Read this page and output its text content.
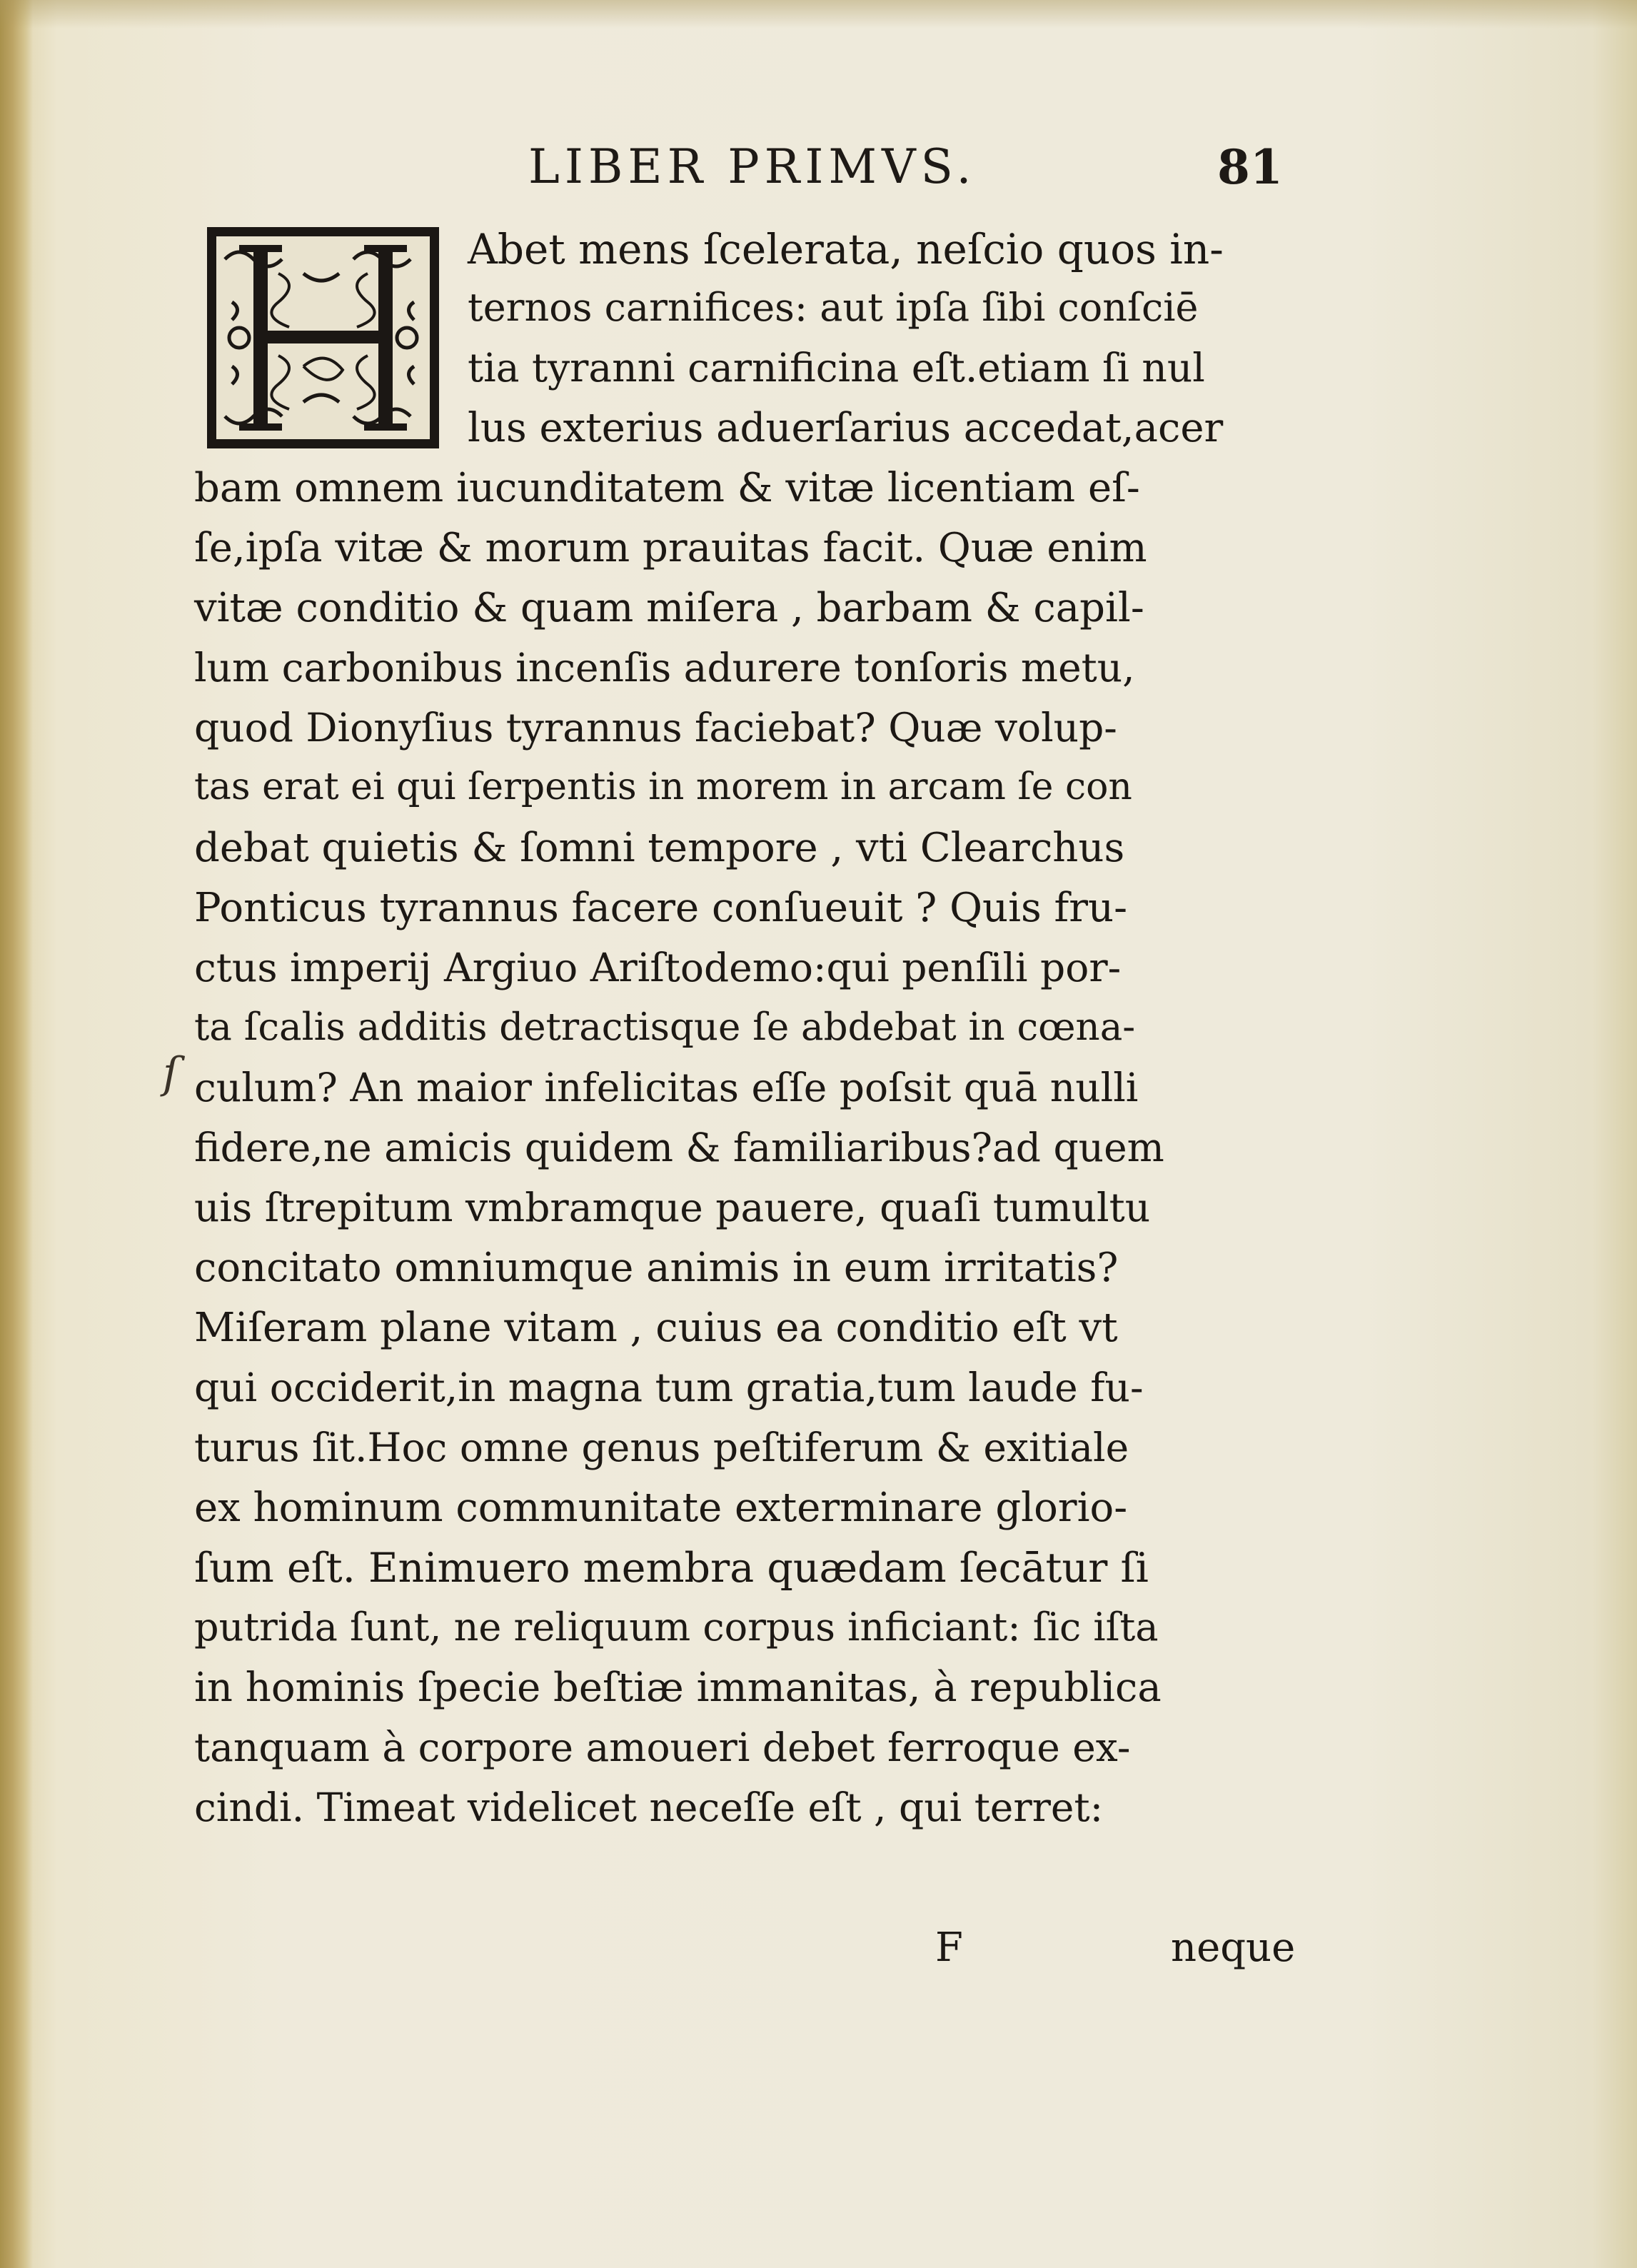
LIBER PRIMVS.	81
Abet mens ſcelerata, neſcio quos in-
ternos carnifices: aut ipſa ſibi conſciē
tia tyranni carnificina eſt.etiam ſi nul
lus exterius aduerſarius accedat,acer
bam omnem iucunditatem & vitæ licentiam eſ-
ſe,ipſa vitæ & morum prauitas facit. Quæ enim
vitæ conditio & quam miſera , barbam & capil-
lum carbonibus incenſis adurere tonſoris metu,
quod Dionyſius tyrannus faciebat? Quæ volup-
tas erat ei qui ſerpentis in morem in arcam ſe con
debat quietis & ſomni tempore , vti Clearchus
Ponticus tyrannus facere conſueuit ? Quis fru-
ctus imperij Argiuo Ariſtodemo:qui penſili por-
ta ſcalis additis detractisque ſe abdebat in cœna-
culum? An maior infelicitas eſſe poſsit quā nulli
fidere,ne amicis quidem & familiaribus?ad quem
uis ſtrepitum vmbramque pauere, quaſi tumultu
concitato omniumque animis in eum irritatis?
Miſeram plane vitam , cuius ea conditio eſt vt
qui occiderit,in magna tum gratia,tum laude fu-
turus ſit.Hoc omne genus peſtiferum & exitiale
ex hominum communitate exterminare glorio-
ſum eſt. Enimuero membra quædam ſecātur ſi
putrida ſunt, ne reliquum corpus inficiant: ſic iſta
in hominis ſpecie beſtiæ immanitas, à republica
tanquam à corpore amoueri debet ferroque ex-
cindi. Timeat videlicet neceſſe eſt , qui terret:
F	neque
ſ
